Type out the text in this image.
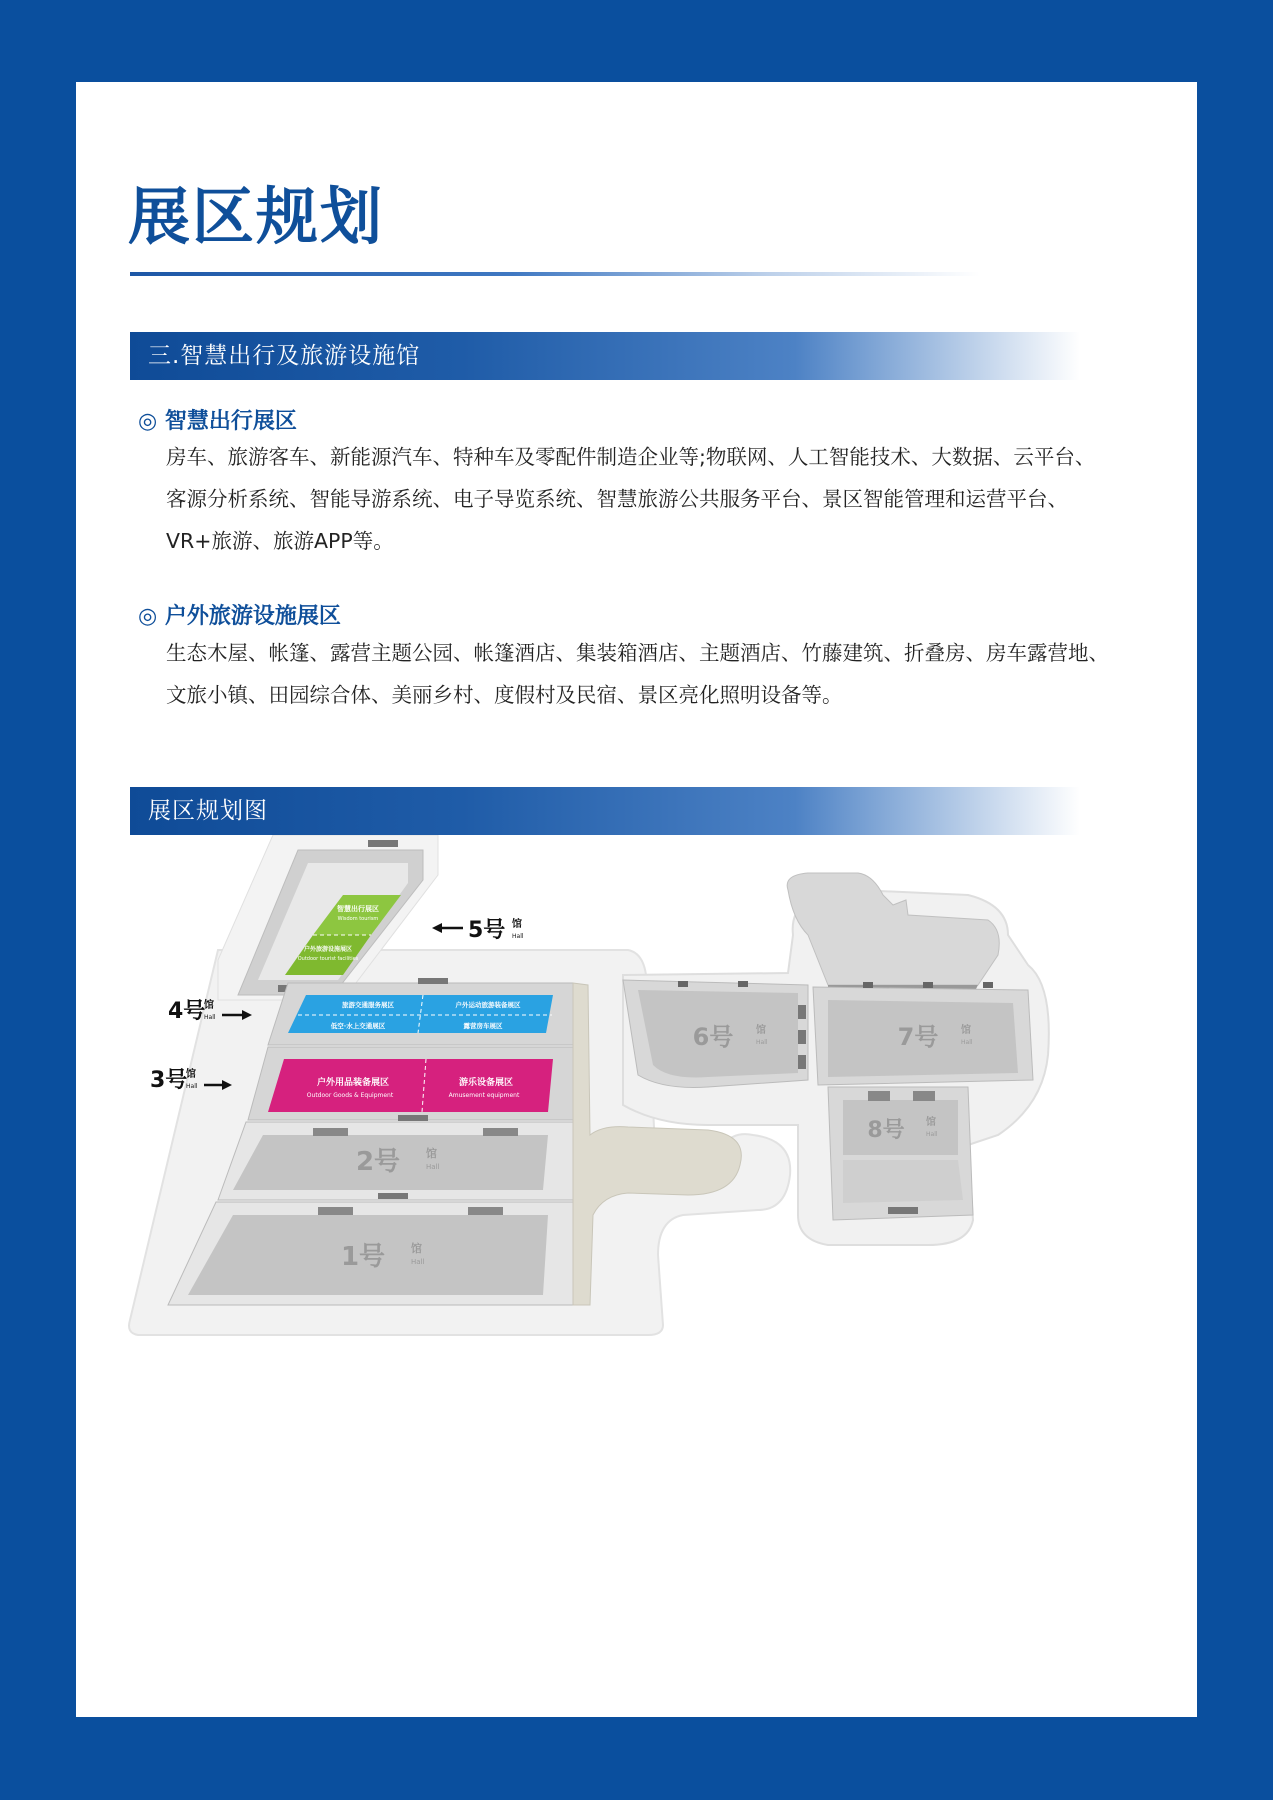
展区规划
三.智慧出行及旅游设施馆
◎ 智慧出行展区
房车、旅游客车、新能源汽车、特种车及零配件制造企业等;物联网、人工智能技术、大数据、云平台、
客源分析系统、智能导游系统、电子导览系统、智慧旅游公共服务平台、景区智能管理和运营平台、
VR+旅游、旅游APP等。
◎ 户外旅游设施展区
生态木屋、帐篷、露营主题公园、帐篷酒店、集装箱酒店、主题酒店、竹藤建筑、折叠房、房车露营地、
文旅小镇、田园综合体、美丽乡村、度假村及民宿、景区亮化照明设备等。
展区规划图
智慧出行展区
Wisdom tourism
户外旅游设施展区
Outdoor tourist facilities
5号 馆
Hall
旅游交通服务展区	户外运动旅游装备展区
低空·水上交通展区	露营房车展区
4号
馆
Hall
户外用品装备展区
Outdoor Goods & Equipment
游乐设备展区
Amusement equipment
3号
馆
Hall
2号 馆
Hall
1号 馆
Hall
6号 馆
Hall	7号 馆
Hall
8号 馆
Hall
